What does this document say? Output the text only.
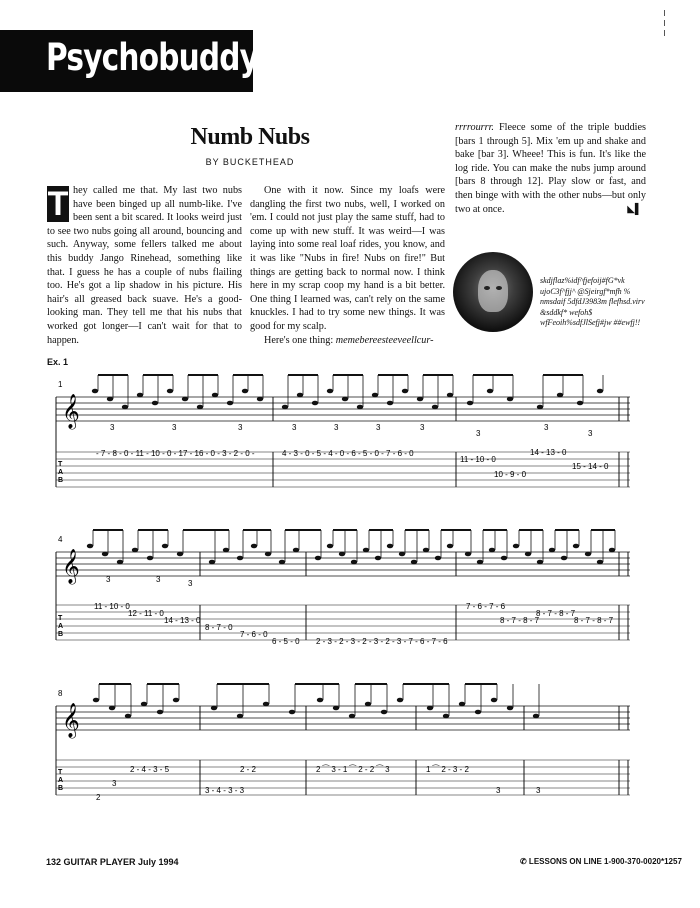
Psychobuddy
Numb Nubs
BY BUCKETHEAD
T hey called me that. My last two nubs have been binged up all numb-like. I've been sent a bit scared. It looks weird just to see two nubs going all around, bouncing and such. Anyway, some fellers talked me about this buddy Jango Rinehead, something like that. I guess he has a couple of nubs flailing too. He's got a lip shadow in his picture. His hair's all greased back suave. He's a good-looking man. They tell me that his nubs that worked got longer—I can't wait for that to happen.

One with it now. Since my loafs were dangling the first two nubs, well, I worked on 'em. I could not just play the same stuff, had to come up with new stuff. It was weird—I was laying into some real loaf rides, you know, and it was like "Nubs in fire! Nubs on fire!" But things are getting back to normal now. I think here in my scrap coop my hand is a bit better. One thing I learned was, can't rely on the same knuckles. I had to try some new things. It was good for my scalp.

Here's one thing: memebereesteeveellcur-

rrrrourrr. Fleece some of the triple buddies [bars 1 through 5]. Mix 'em up and shake and bake [bar 3]. Wheee! This is fun. It's like the log ride. You can make the nubs jump around [bars 8 through 12]. Play slow or fast, and then binge with with the other nubs—but only two at once.	◣▌

skdjflaz%idf^fjefoij#fG*vk ujoC3f^fjj^ @Sjeirgf*mfh % nmsdaif 5dfdJ3983m flefhsd.virv &sddkf* wefoh$ wfFeoih%sdfJlSefj#jw ##ewfj!!
Ex. 1
𝄞
𝄞
𝄞
1
4
8
T
A
B
T
A
B
T
A
B
- 7 - 8 - 0 - 11 - 10 - 0 - 17 - 16 - 0 - 3 - 2 - 0 -	4 - 3 - 0 - 5 - 4 - 0 - 6 - 5 - 0 - 7 - 6 - 0
11 - 10 - 0
10 - 9 - 0
14 - 13 - 0
15 - 14 - 0
11 - 10 - 0
12 - 11 - 0
14 - 13 - 0
8 - 7 - 0
7 - 6 - 0
6 - 5 - 0 2 - 3 - 2 - 3 - 2 - 3 - 2 - 3 - 7 - 6 - 7 - 6
7 - 6 - 7 - 6
8 - 7 - 8 - 7
8 - 7 - 8 - 7
8 - 7 - 8 - 7
2 - 4 - 3 - 5
3
2
2 - 2
3 - 4 - 3 - 3
2 ⁀ 3 - 1 ⁀ 2 - 2 ⁀ 3	1 ⁀ 2 - 3 - 2
3	3
3	3	3	3	3	3	3
3
3
3
3	3	3
132 GUITAR PLAYER July 1994	✆ LESSONS ON LINE 1-900-370-0020*1257
